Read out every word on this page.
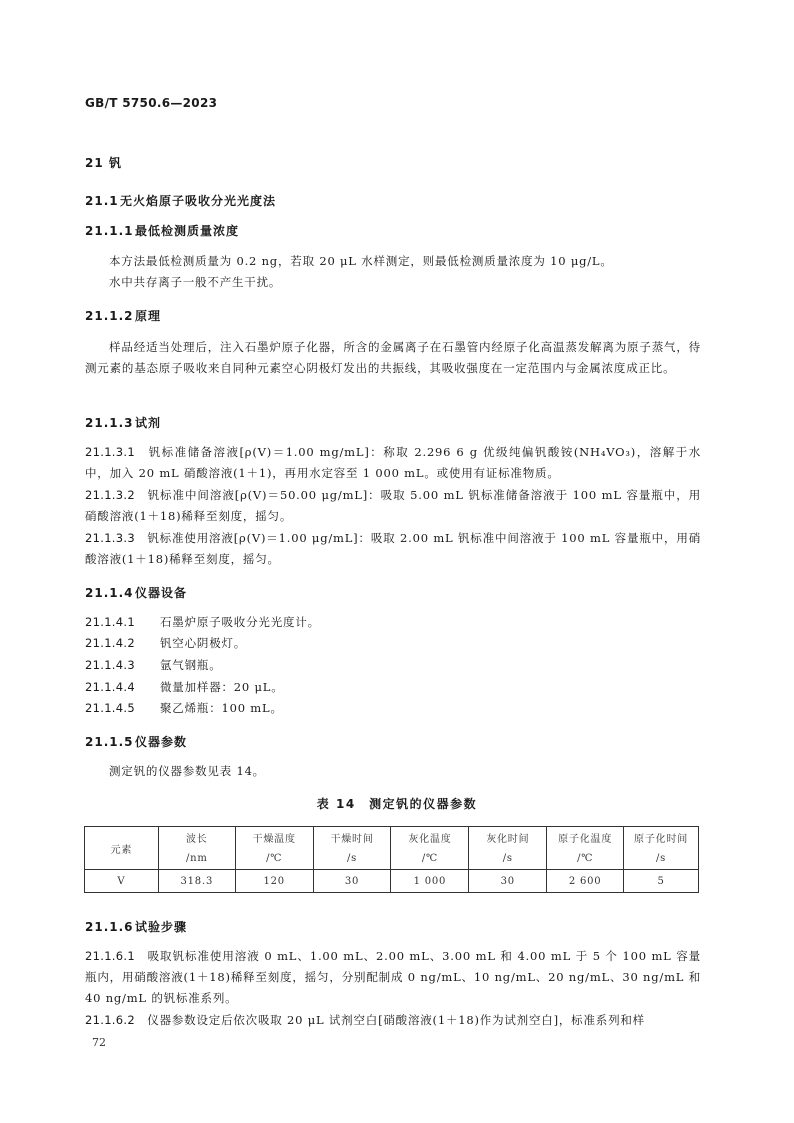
GB/T 5750.6—2023
21 钒
21.1无火焰原子吸收分光光度法
21.1.1最低检测质量浓度
本方法最低检测质量为 0.2 ng，若取 20 μL 水样测定，则最低检测质量浓度为 10 μg/L。
水中共存离子一般不产生干扰。
21.1.2原理
样品经适当处理后，注入石墨炉原子化器，所含的金属离子在石墨管内经原子化高温蒸发解离为原子蒸气，待测元素的基态原子吸收来自同种元素空心阴极灯发出的共振线，其吸收强度在一定范围内与金属浓度成正比。
21.1.3试剂
21.1.3.1　 钒标准储备溶液[ρ(V)＝1.00 mg/mL]：称取 2.296 6 g 优级纯偏钒酸铵(NH₄VO₃)，溶解于水中，加入 20 mL 硝酸溶液(1＋1)，再用水定容至 1 000 mL。或使用有证标准物质。
21.1.3.2　 钒标准中间溶液[ρ(V)＝50.00 μg/mL]：吸取 5.00 mL 钒标准储备溶液于 100 mL 容量瓶中，用硝酸溶液(1＋18)稀释至刻度，摇匀。
21.1.3.3　 钒标准使用溶液[ρ(V)＝1.00 μg/mL]：吸取 2.00 mL 钒标准中间溶液于 100 mL 容量瓶中，用硝酸溶液(1＋18)稀释至刻度，摇匀。
21.1.4仪器设备
21.1.4.1 石墨炉原子吸收分光光度计。
21.1.4.2 钒空心阴极灯。
21.1.4.3 氩气钢瓶。
21.1.4.4 微量加样器：20 μL。
21.1.4.5 聚乙烯瓶：100 mL。
21.1.5仪器参数
测定钒的仪器参数见表 14。
表 14　测定钒的仪器参数
元素	波长	干燥温度	干燥时间	灰化温度	灰化时间	原子化温度	原子化时间
	/nm	/℃	/s	/℃	/s	/℃	/s
V	318.3	120	30	1 000	30	2 600	5
21.1.6试验步骤
21.1.6.1　 吸取钒标准使用溶液 0 mL、1.00 mL、2.00 mL、3.00 mL 和 4.00 mL 于 5 个 100 mL 容量瓶内，用硝酸溶液(1＋18)稀释至刻度，摇匀，分别配制成 0 ng/mL、10 ng/mL、20 ng/mL、30 ng/mL 和 40 ng/mL 的钒标准系列。
21.1.6.2　 仪器参数设定后依次吸取 20 μL 试剂空白[硝酸溶液(1＋18)作为试剂空白]，标准系列和样
72
